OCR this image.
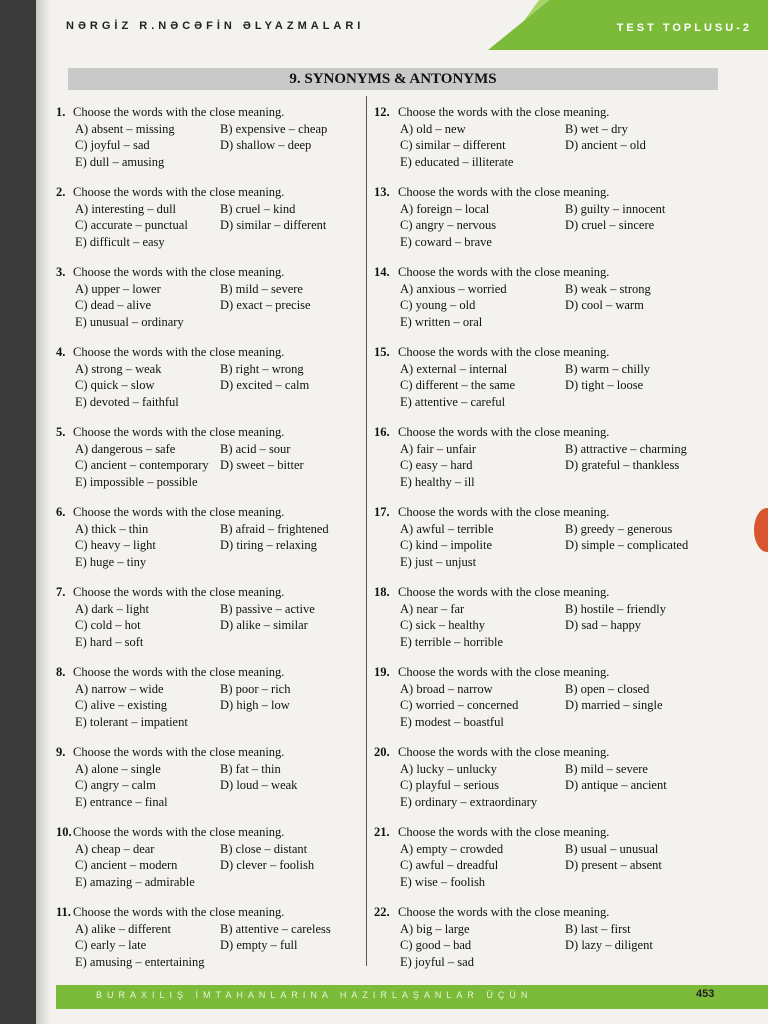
NƏRGİZ R.NƏCƏFİN ƏLYAZMALARI	TEST TOPLUSU-2
9. SYNONYMS & ANTONYMS
1. Choose the words with the close meaning.
A) absent – missing	B) expensive – cheap
C) joyful – sad	D) shallow – deep
E) dull – amusing
2. Choose the words with the close meaning.
A) interesting – dull	B) cruel – kind
C) accurate – punctual	D) similar – different
E) difficult – easy
3. Choose the words with the close meaning.
A) upper – lower	B) mild – severe
C) dead – alive	D) exact – precise
E) unusual – ordinary
4. Choose the words with the close meaning.
A) strong – weak	B) right – wrong
C) quick – slow	D) excited – calm
E) devoted – faithful
5. Choose the words with the close meaning.
A) dangerous – safe	B) acid – sour
C) ancient – contemporary D) sweet – bitter
E) impossible – possible
6. Choose the words with the close meaning.
A) thick – thin	B) afraid – frightened
C) heavy – light	D) tiring – relaxing
E) huge – tiny
7. Choose the words with the close meaning.
A) dark – light	B) passive – active
C) cold – hot	D) alike – similar
E) hard – soft
8. Choose the words with the close meaning.
A) narrow – wide	B) poor – rich
C) alive – existing	D) high – low
E) tolerant – impatient
9. Choose the words with the close meaning.
A) alone – single	B) fat – thin
C) angry – calm	D) loud – weak
E) entrance – final
10. Choose the words with the close meaning.
A) cheap – dear	B) close – distant
C) ancient – modern	D) clever – foolish
E) amazing – admirable
11. Choose the words with the close meaning.
A) alike – different	B) attentive – careless
C) early – late	D) empty – full
E) amusing – entertaining
12. Choose the words with the close meaning.
A) old – new	B) wet – dry
C) similar – different	D) ancient – old
E) educated – illiterate
13. Choose the words with the close meaning.
A) foreign – local	B) guilty – innocent
C) angry – nervous	D) cruel – sincere
E) coward – brave
14. Choose the words with the close meaning.
A) anxious – worried	B) weak – strong
C) young – old	D) cool – warm
E) written – oral
15. Choose the words with the close meaning.
A) external – internal	B) warm – chilly
C) different – the same	D) tight – loose
E) attentive – careful
16. Choose the words with the close meaning.
A) fair – unfair	B) attractive – charming
C) easy – hard	D) grateful – thankless
E) healthy – ill
17. Choose the words with the close meaning.
A) awful – terrible	B) greedy – generous
C) kind – impolite	D) simple – complicated
E) just – unjust
18. Choose the words with the close meaning.
A) near – far	B) hostile – friendly
C) sick – healthy	D) sad – happy
E) terrible – horrible
19. Choose the words with the close meaning.
A) broad – narrow	B) open – closed
C) worried – concerned	D) married – single
E) modest – boastful
20. Choose the words with the close meaning.
A) lucky – unlucky	B) mild – severe
C) playful – serious	D) antique – ancient
E) ordinary – extraordinary
21. Choose the words with the close meaning.
A) empty – crowded	B) usual – unusual
C) awful – dreadful	D) present – absent
E) wise – foolish
22. Choose the words with the close meaning.
A) big – large	B) last – first
C) good – bad	D) lazy – diligent
E) joyful – sad
BURAXILIŞ İMTAHANLARINA HAZIRLAŞANLAR ÜÇÜN	453
